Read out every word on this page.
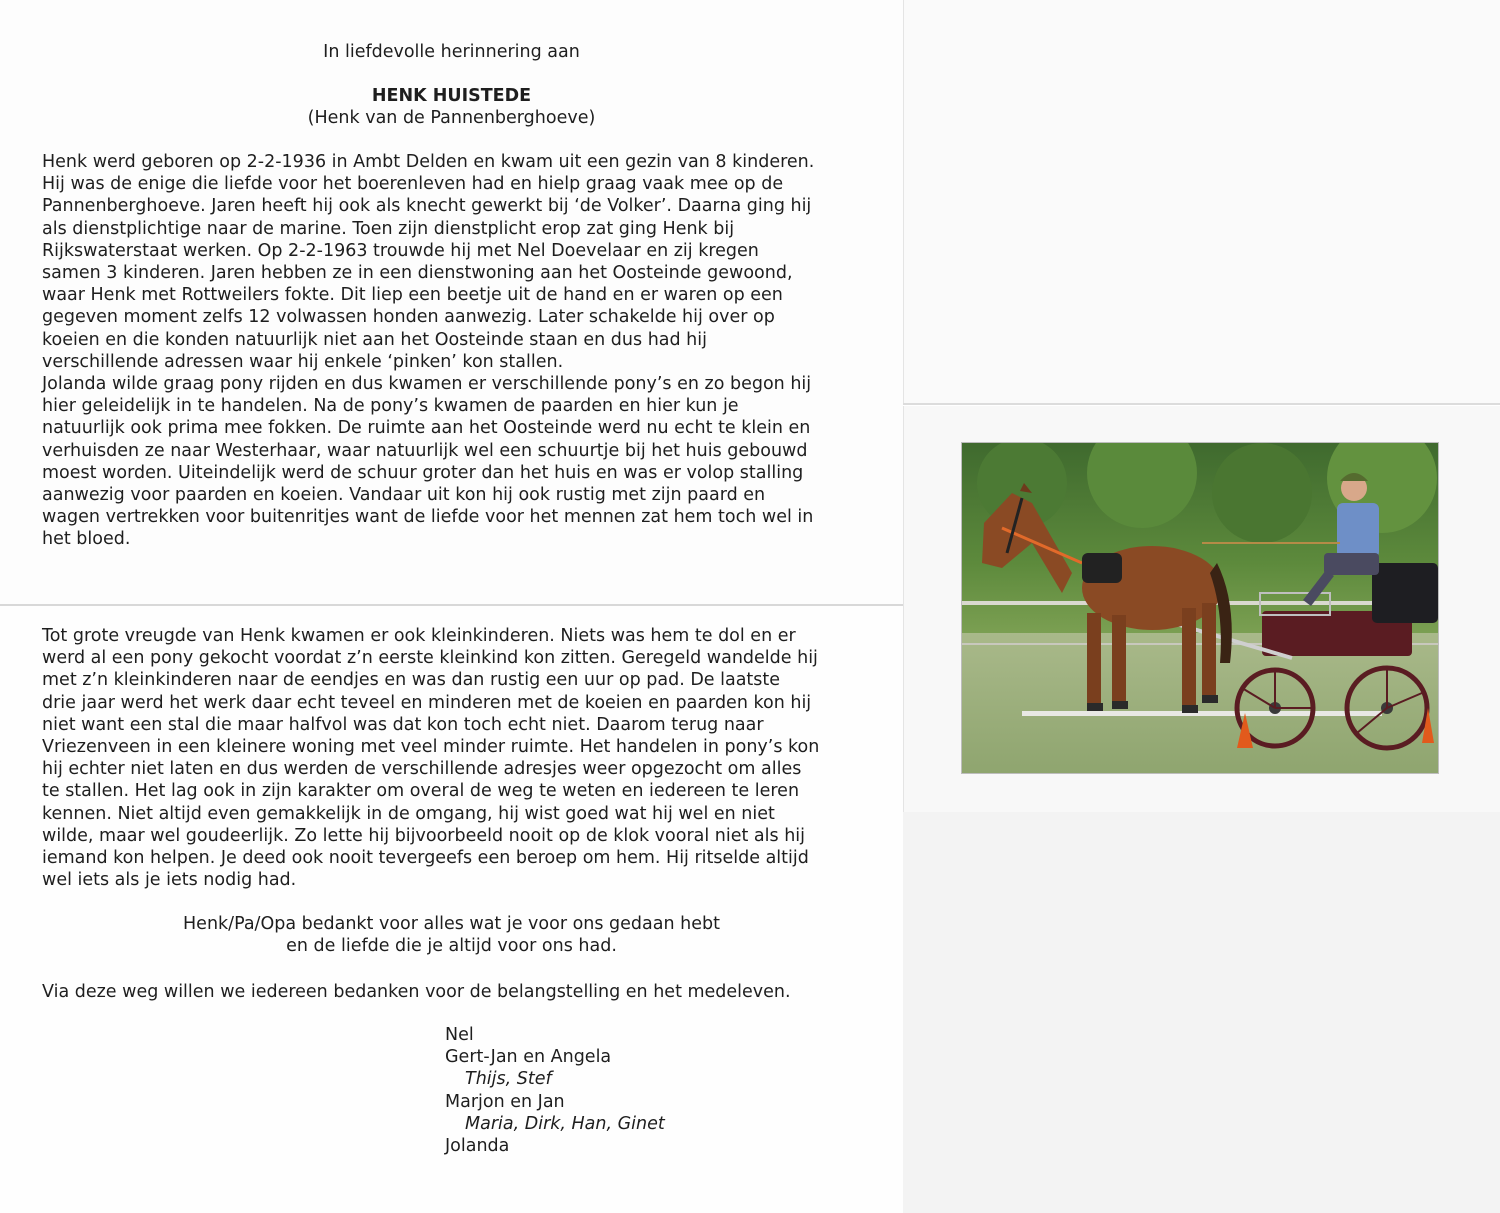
In liefdevolle herinnering aan

HENK HUISTEDE

(Henk van de Pannenberghoeve)

Henk werd geboren op 2-2-1936 in Ambt Delden en kwam uit een gezin van 8 kinderen.
Hij was de enige die liefde voor het boerenleven had en hielp graag vaak mee op de
Pannenberghoeve. Jaren heeft hij ook als knecht gewerkt bij ‘de Volker’. Daarna ging hij
als dienstplichtige naar de marine. Toen zijn dienstplicht erop zat ging Henk bij
Rijkswaterstaat werken. Op 2-2-1963 trouwde hij met Nel Doevelaar en zij kregen
samen 3 kinderen. Jaren hebben ze in een dienstwoning aan het Oosteinde gewoond,
waar Henk met Rottweilers fokte. Dit liep een beetje uit de hand en er waren op een
gegeven moment zelfs 12 volwassen honden aanwezig. Later schakelde hij over op
koeien en die konden natuurlijk niet aan het Oosteinde staan en dus had hij
verschillende adressen waar hij enkele ‘pinken’ kon stallen.
Jolanda wilde graag pony rijden en dus kwamen er verschillende pony’s en zo begon hij
hier geleidelijk in te handelen. Na de pony’s kwamen de paarden en hier kun je
natuurlijk ook prima mee fokken. De ruimte aan het Oosteinde werd nu echt te klein en
verhuisden ze naar Westerhaar, waar natuurlijk wel een schuurtje bij het huis gebouwd
moest worden. Uiteindelijk werd de schuur groter dan het huis en was er volop stalling
aanwezig voor paarden en koeien. Vandaar uit kon hij ook rustig met zijn paard en
wagen vertrekken voor buitenritjes want de liefde voor het mennen zat hem toch wel in
het bloed.
Tot grote vreugde van Henk kwamen er ook kleinkinderen. Niets was hem te dol en er
werd al een pony gekocht voordat z’n eerste kleinkind kon zitten. Geregeld wandelde hij
met z’n kleinkinderen naar de eendjes en was dan rustig een uur op pad. De laatste
drie jaar werd het werk daar echt teveel en minderen met de koeien en paarden kon hij
niet want een stal die maar halfvol was dat kon toch echt niet. Daarom terug naar
Vriezenveen in een kleinere woning met veel minder ruimte. Het handelen in pony’s kon
hij echter niet laten en dus werden de verschillende adresjes weer opgezocht om alles
te stallen. Het lag ook in zijn karakter om overal de weg te weten en iedereen te leren
kennen. Niet altijd even gemakkelijk in de omgang, hij wist goed wat hij wel en niet
wilde, maar wel goudeerlijk. Zo lette hij bijvoorbeeld nooit op de klok vooral niet als hij
iemand kon helpen. Je deed ook nooit tevergeefs een beroep om hem. Hij ritselde altijd
wel iets als je iets nodig had.

Henk/Pa/Opa bedankt voor alles wat je voor ons gedaan hebt

en de liefde die je altijd voor ons had.

Via deze weg willen we iedereen bedanken voor de belangstelling en het medeleven.

Nel
Gert-Jan en Angela
Thijs, Stef
Marjon en Jan
Maria, Dirk, Han, Ginet
Jolanda
